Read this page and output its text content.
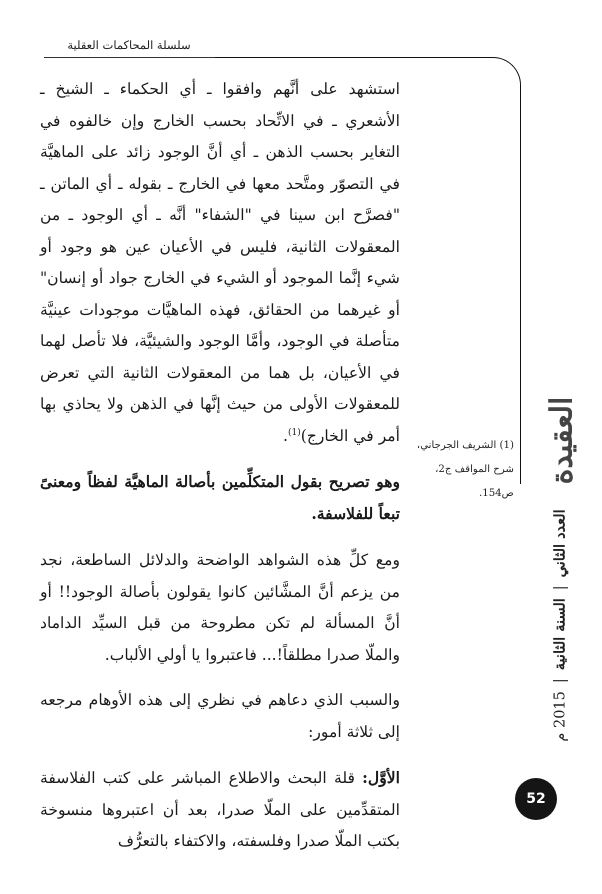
سلسلة المحاكمات العقلية

استشهد على أنَّهم وافقوا ـ أي الحكماء ـ الشيخ ـ الأشعري ـ في الاتِّحاد بحسب الخارج وإن خالفوه في التغاير بحسب الذهن ـ أي أنَّ الوجود زائد على الماهيَّة في التصوّر ومتَّحد معها في الخارج ـ بقوله ـ أي الماتن ـ "فصرَّح ابن سينا في "الشفاء" أنَّه ـ أي الوجود ـ من المعقولات الثانية، فليس في الأعيان عين هو وجود أو شيء إنَّما الموجود أو الشيء في الخارج جواد أو إنسان" أو غيرهما من الحقائق، فهذه الماهيَّات موجودات عينيَّة متأصلة في الوجود، وأمَّا الوجود والشيئيَّة، فلا تأصل لهما في الأعيان، بل هما من المعقولات الثانية التي تعرض للمعقولات الأولى من حيث إنَّها في الذهن ولا يحاذي بها أمر في الخارج)$^{(1)}$.

وهو تصريح بقول المتكلِّمين بأصالة الماهيَّة لفظاً ومعنىً تبعاً للفلاسفة.

ومع كلِّ هذه الشواهد الواضحة والدلائل الساطعة، نجد من يزعم أنَّ المشَّائين كانوا يقولون بأصالة الوجود!! أو أنَّ المسألة لم تكن مطروحة من قبل السيِّد الداماد والملّا صدرا مطلقاً!... فاعتبروا يا أولي الألباب.

والسبب الذي دعاهم في نظري إلى هذه الأوهام مرجعه إلى ثلاثة أمور:

الأوَّل: قلة البحث والاطلاع المباشر على كتب الفلاسفة المتقدِّمين على الملّا صدرا، بعد أن اعتبروها منسوخة بكتب الملّا صدرا وفلسفته، والاكتفاء بالتعرُّف

(1) الشريف الجرجاني،

شرح المواقف ج2،

ص154.

العقيدة
العدد الثاني
|
السنة الثانية
|
2015 م
52
